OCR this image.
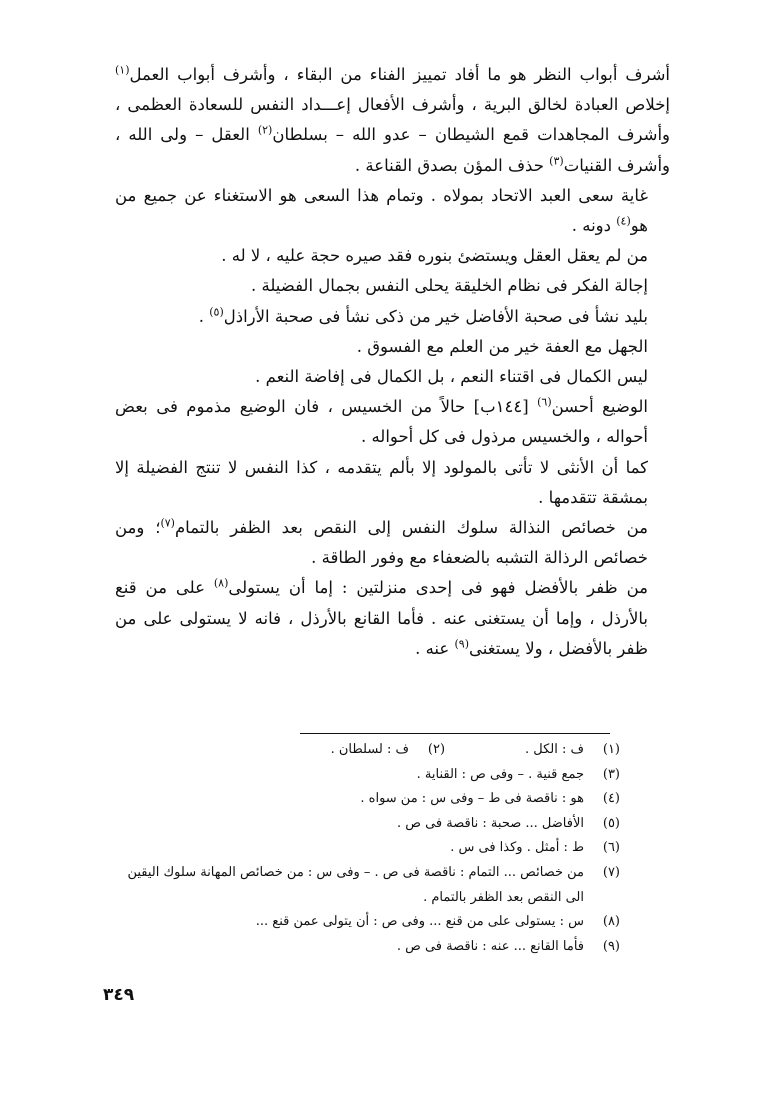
أشرف أبواب النظر هو ما أفاد تمييز الفناء من البقاء ، وأشرف أبواب العمل$^{(١)}$ إخلاص العبادة لخالق البرية ، وأشرف الأفعال إعـــداد النفس للسعادة العظمى ، وأشرف المجاهدات قمع الشيطان – عدو الله – بسلطان$^{(٢)}$ العقل – ولى الله ، وأشرف القنيات$^{(٣)}$ حذف المؤن بصدق القناعة .

غاية سعى العبد الاتحاد بمولاه . وتمام هذا السعى هو الاستغناء عن جميع من هو$^{(٤)}$ دونه .

من لم يعقل العقل ويستضئ بنوره فقد صيره حجة عليه ، لا له .

إجالة الفكر فى نظام الخليقة يحلى النفس بجمال الفضيلة .

بليد نشأ فى صحبة الأفاضل خير من ذكى نشأ فى صحبة الأراذل$^{(٥)}$ .

الجهل مع العفة خير من العلم مع الفسوق .

ليس الكمال فى اقتناء النعم ، بل الكمال فى إفاضة النعم .

الوضيع أحسن$^{(٦)}$ [١٤٤ب] حالاً من الخسيس ، فان الوضيع مذموم فى بعض أحواله ، والخسيس مرذول فى كل أحواله .

كما أن الأنثى لا تأتى بالمولود إلا بألم يتقدمه ، كذا النفس لا تنتج الفضيلة إلا بمشقة تتقدمها .

من خصائص النذالة سلوك النفس إلى النقص بعد الظفر بالتمام$^{(٧)}$؛ ومن خصائص الرذالة التشبه بالضعفاء مع وفور الطاقة .

من ظفر بالأفضل فهو فى إحدى منزلتين : إما أن يستولى$^{(٨)}$ على من قنع بالأرذل ، وإما أن يستغنى عنه . فأما القانع بالأرذل ، فانه لا يستولى على من ظفر بالأفضل ، ولا يستغنى$^{(٩)}$ عنه .

(١)
ف : الكل .
(٢)
ف : لسلطان .
(٣)
جمع قنية . – وفى ص : القناية .
(٤)
هو : ناقصة فى ط – وفى س : من سواه .
(٥)
الأفاضل ... صحبة : ناقصة فى ص .
(٦)
ط : أمثل . وكذا فى س .
(٧)
من خصائص ... التمام : ناقصة فى ص . – وفى س : من خصائص المهانة سلوك اليقين الى النقص بعد الظفر بالتمام .
(٨)
س : يستولى على من قنع ... وفى ص : أن يتولى عمن قنع ...
(٩)
فأما القانع ... عنه : ناقصة فى ص .
٣٤٩
